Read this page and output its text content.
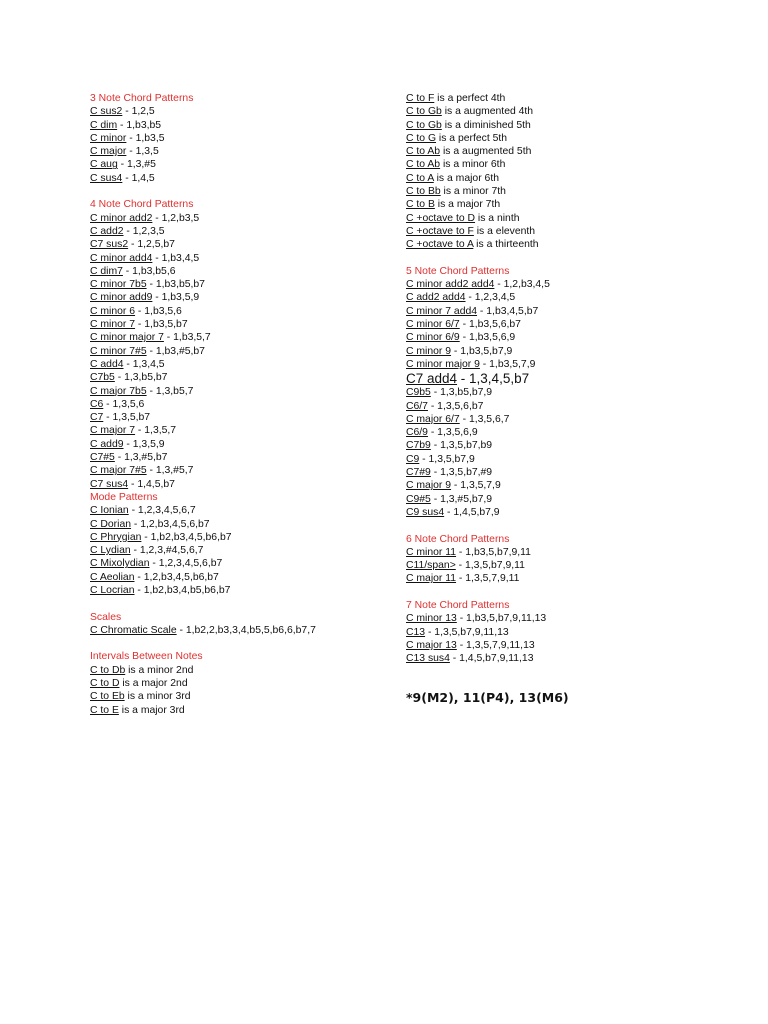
3 Note Chord Patterns
C sus2 - 1,2,5
C dim - 1,b3,b5
C minor - 1,b3,5
C major - 1,3,5
C aug - 1,3,#5
C sus4 - 1,4,5
4 Note Chord Patterns
C minor add2 - 1,2,b3,5
C add2 - 1,2,3,5
C7 sus2 - 1,2,5,b7
C minor add4 - 1,b3,4,5
C dim7 - 1,b3,b5,6
C minor 7b5 - 1,b3,b5,b7
C minor add9 - 1,b3,5,9
C minor 6 - 1,b3,5,6
C minor 7 - 1,b3,5,b7
C minor major 7 - 1,b3,5,7
C minor 7#5 - 1,b3,#5,b7
C add4 - 1,3,4,5
C7b5 - 1,3,b5,b7
C major 7b5 - 1,3,b5,7
C6 - 1,3,5,6
C7 - 1,3,5,b7
C major 7 - 1,3,5,7
C add9 - 1,3,5,9
C7#5 - 1,3,#5,b7
C major 7#5 - 1,3,#5,7
C7 sus4 - 1,4,5,b7
Mode Patterns
C Ionian - 1,2,3,4,5,6,7
C Dorian - 1,2,b3,4,5,6,b7
C Phrygian - 1,b2,b3,4,5,b6,b7
C Lydian - 1,2,3,#4,5,6,7
C Mixolydian - 1,2,3,4,5,6,b7
C Aeolian - 1,2,b3,4,5,b6,b7
C Locrian - 1,b2,b3,4,b5,b6,b7
Scales
C Chromatic Scale - 1,b2,2,b3,3,4,b5,5,b6,6,b7,7
Intervals Between Notes
C to Db is a minor 2nd
C to D is a major 2nd
C to Eb is a minor 3rd
C to E is a major 3rd
C to F is a perfect 4th
C to Gb is a augmented 4th
C to Gb is a diminished 5th
C to G is a perfect 5th
C to Ab is a augmented 5th
C to Ab is a minor 6th
C to A is a major 6th
C to Bb is a minor 7th
C to B is a major 7th
C +octave to D is a ninth
C +octave to F is a eleventh
C +octave to A is a thirteenth
5 Note Chord Patterns
C minor add2 add4 - 1,2,b3,4,5
C add2 add4 - 1,2,3,4,5
C minor 7 add4 - 1,b3,4,5,b7
C minor 6/7 - 1,b3,5,6,b7
C minor 6/9 - 1,b3,5,6,9
C minor 9 - 1,b3,5,b7,9
C minor major 9 - 1,b3,5,7,9
C7 add4 - 1,3,4,5,b7
C9b5 - 1,3,b5,b7,9
C6/7 - 1,3,5,6,b7
C major 6/7 - 1,3,5,6,7
C6/9 - 1,3,5,6,9
C7b9 - 1,3,5,b7,b9
C9 - 1,3,5,b7,9
C7#9 - 1,3,5,b7,#9
C major 9 - 1,3,5,7,9
C9#5 - 1,3,#5,b7,9
C9 sus4 - 1,4,5,b7,9
6 Note Chord Patterns
C minor 11 - 1,b3,5,b7,9,11
C11/span> - 1,3,5,b7,9,11
C major 11 - 1,3,5,7,9,11
7 Note Chord Patterns
C minor 13 - 1,b3,5,b7,9,11,13
C13 - 1,3,5,b7,9,11,13
C major 13 - 1,3,5,7,9,11,13
C13 sus4 - 1,4,5,b7,9,11,13
*9(M2), 11(P4), 13(M6)
